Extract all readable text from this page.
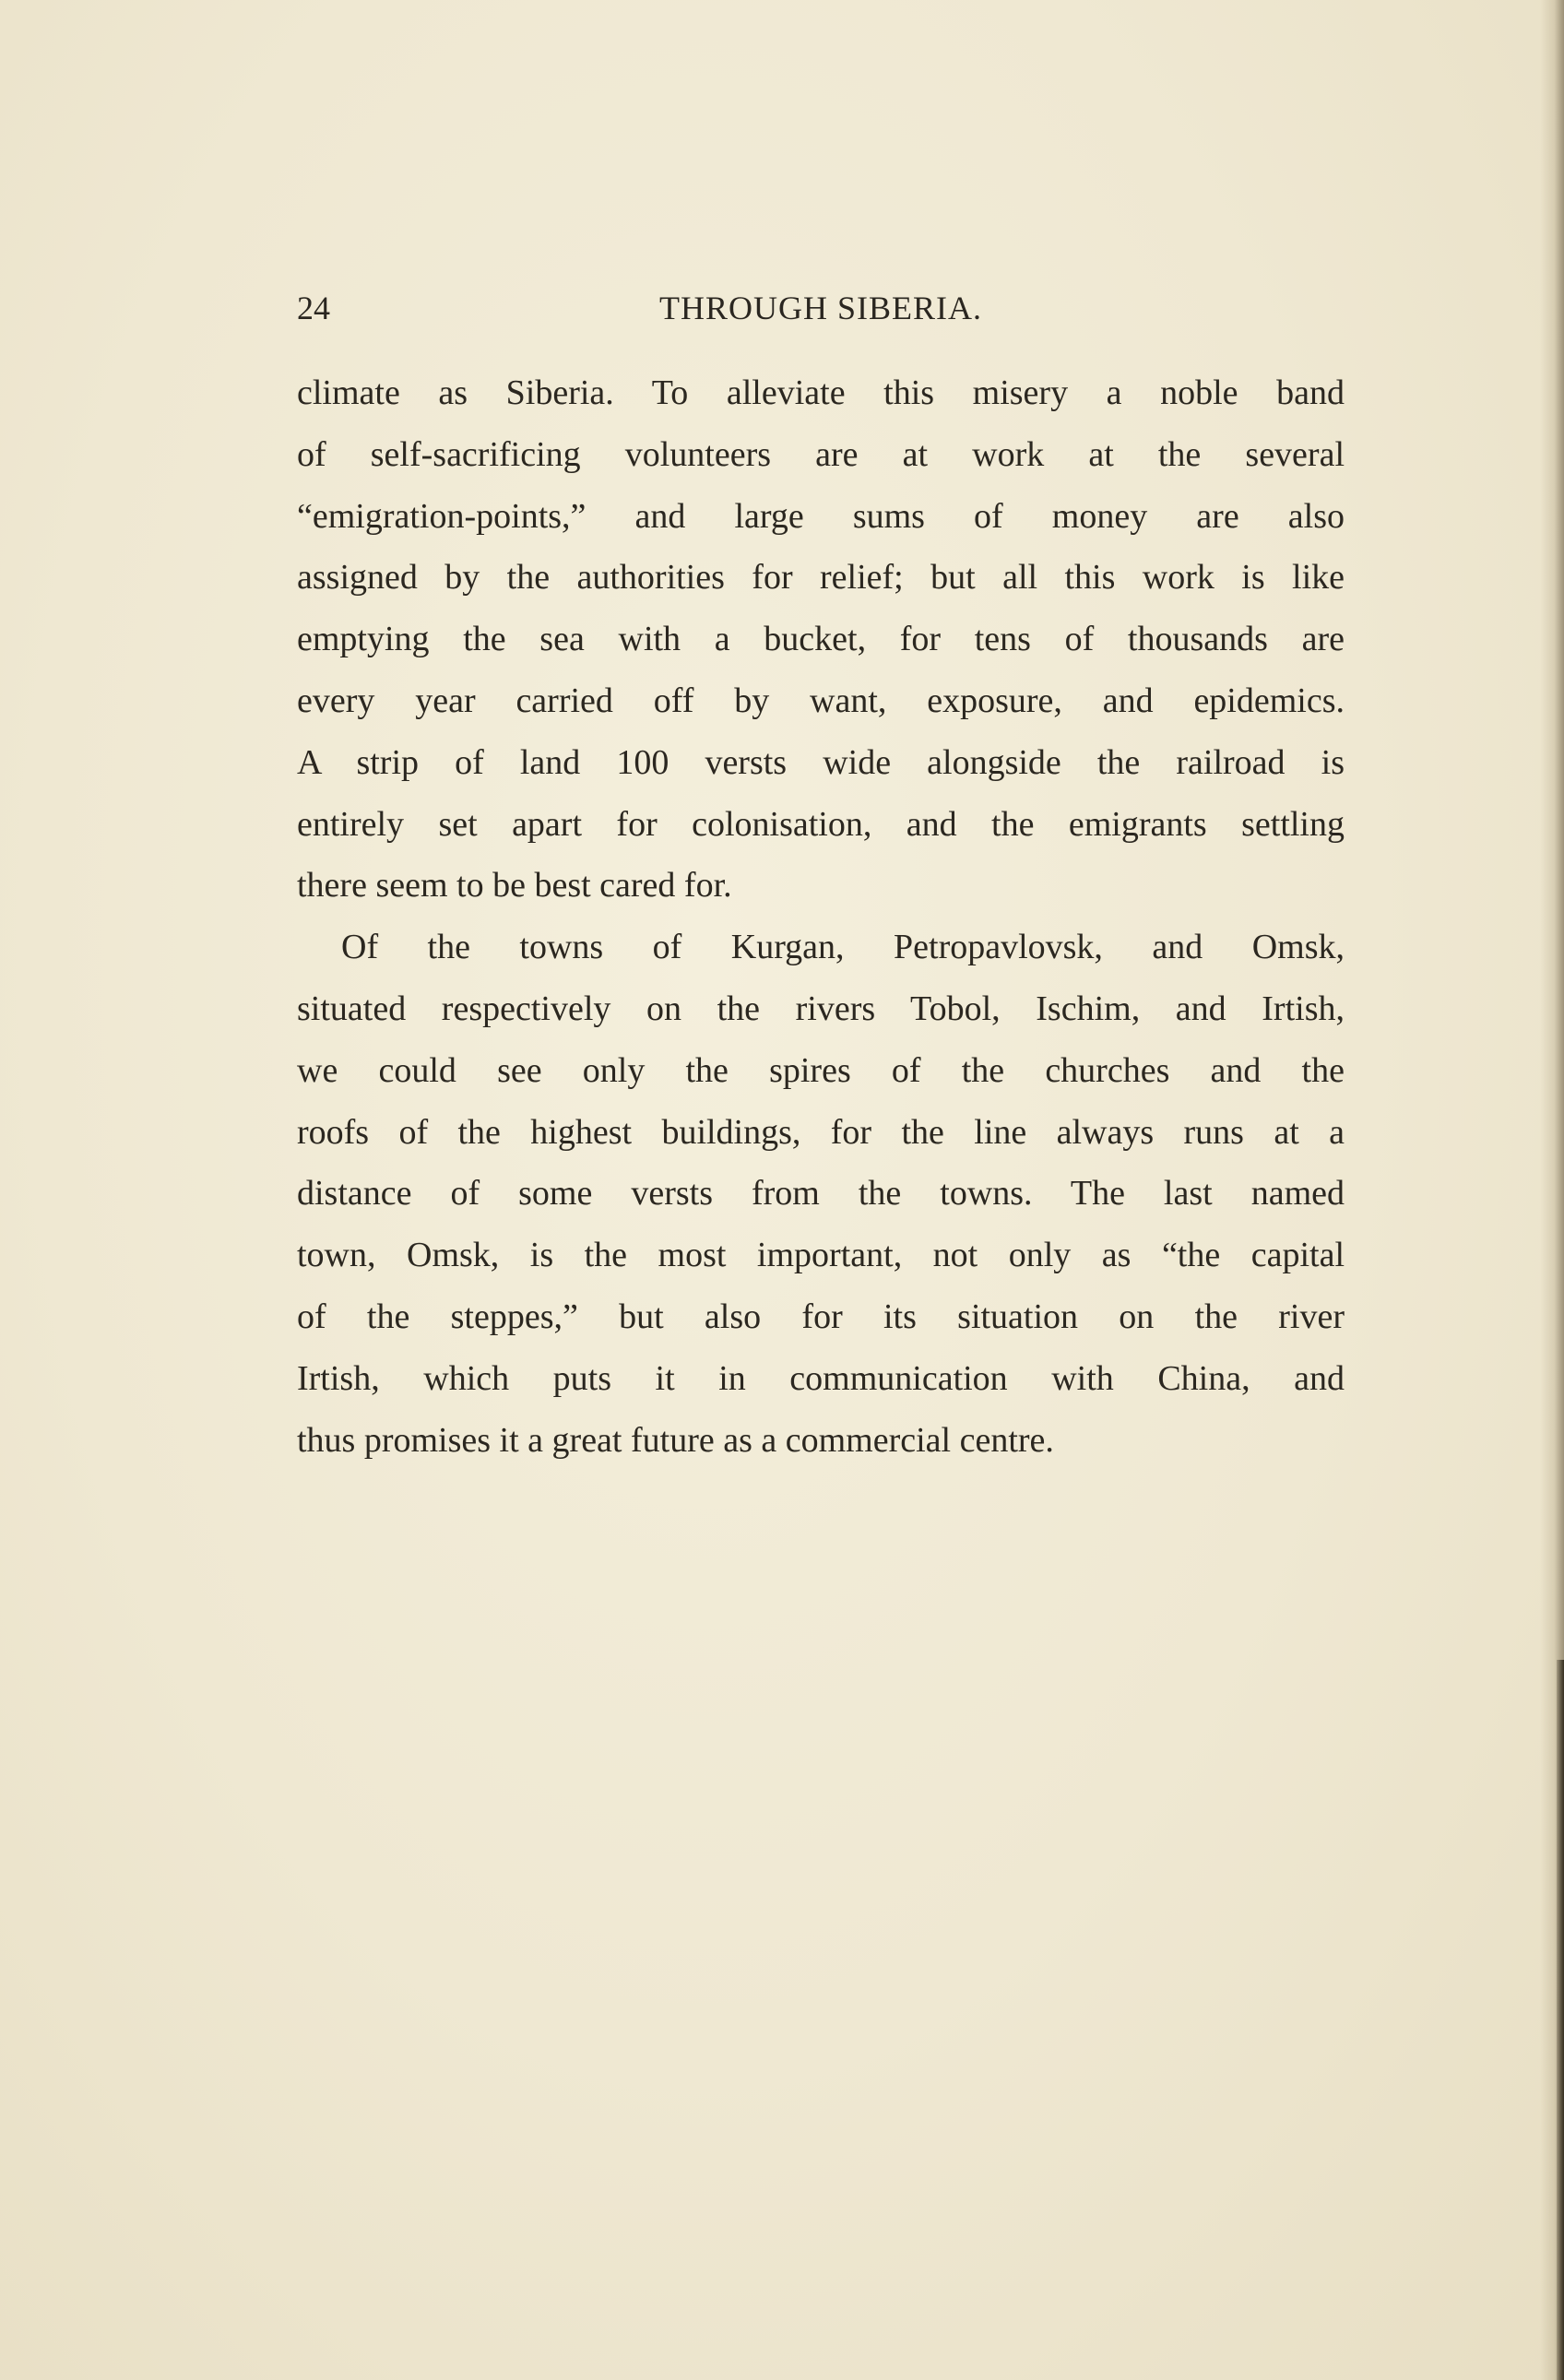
24	THROUGH SIBERIA.
climate as Siberia. To alleviate this misery a noble band
of self-sacrificing volunteers are at work at the several
“emigration-points,” and large sums of money are also
assigned by the authorities for relief; but all this work is like
emptying the sea with a bucket, for tens of thousands are
every year carried off by want, exposure, and epidemics.
A strip of land 100 versts wide alongside the railroad is
entirely set apart for colonisation, and the emigrants settling
there seem to be best cared for.
Of the towns of Kurgan, Petropavlovsk, and Omsk,
situated respectively on the rivers Tobol, Ischim, and Irtish,
we could see only the spires of the churches and the
roofs of the highest buildings, for the line always runs at a
distance of some versts from the towns. The last named
town, Omsk, is the most important, not only as “the capital
of the steppes,” but also for its situation on the river
Irtish, which puts it in communication with China, and
thus promises it a great future as a commercial centre.
